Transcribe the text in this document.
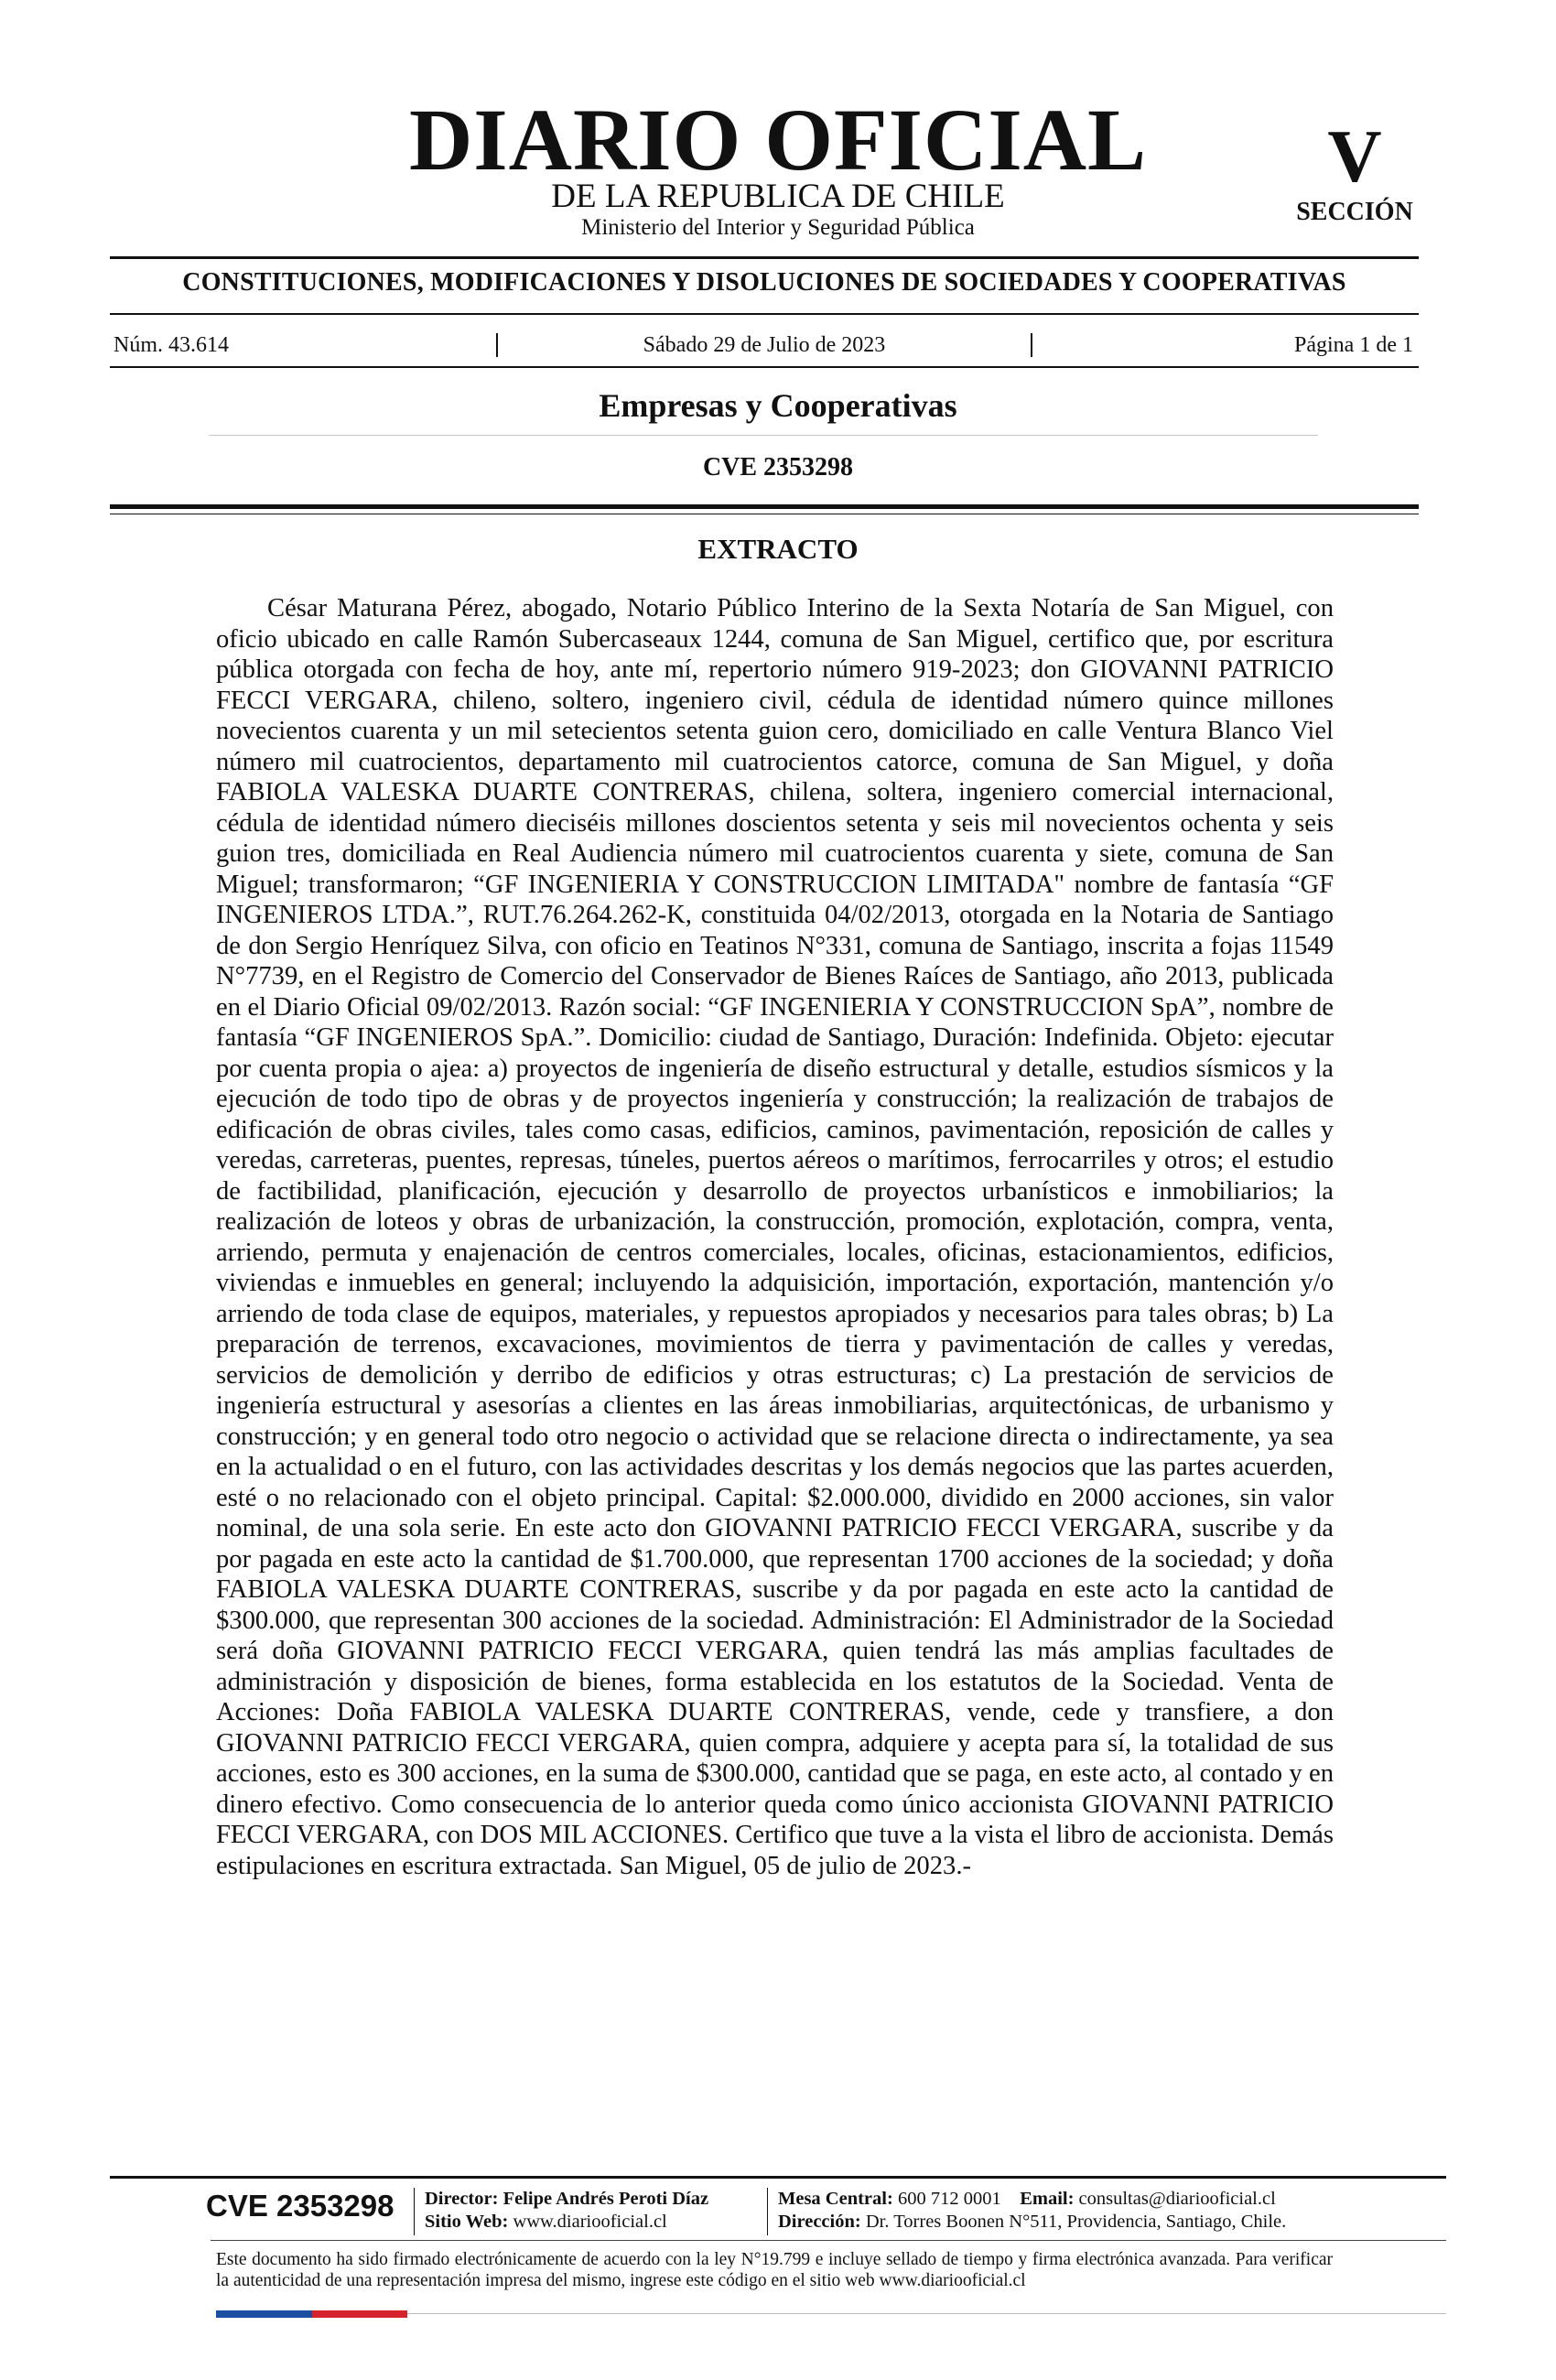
DIARIO OFICIAL
DE LA REPUBLICA DE CHILE
Ministerio del Interior y Seguridad Pública
V
SECCIÓN
CONSTITUCIONES, MODIFICACIONES Y DISOLUCIONES DE SOCIEDADES Y COOPERATIVAS
Núm. 43.614	Sábado 29 de Julio de 2023	Página 1 de 1
Empresas y Cooperativas
CVE 2353298
EXTRACTO

César Maturana Pérez, abogado, Notario Público Interino de la Sexta Notaría de San Miguel, con oficio ubicado en calle Ramón Subercaseaux 1244, comuna de San Miguel, certifico que, por escritura pública otorgada con fecha de hoy, ante mí, repertorio número 919-2023; don GIOVANNI PATRICIO FECCI VERGARA, chileno, soltero, ingeniero civil, cédula de identidad número quince millones novecientos cuarenta y un mil setecientos setenta guion cero, domiciliado en calle Ventura Blanco Viel número mil cuatrocientos, departamento mil cuatrocientos catorce, comuna de San Miguel, y doña FABIOLA VALESKA DUARTE CONTRERAS, chilena, soltera, ingeniero comercial internacional, cédula de identidad número dieciséis millones doscientos setenta y seis mil novecientos ochenta y seis guion tres, domiciliada en Real Audiencia número mil cuatrocientos cuarenta y siete, comuna de San Miguel; transformaron; “GF INGENIERIA Y CONSTRUCCION LIMITADA" nombre de fantasía “GF INGENIEROS LTDA.”, RUT.76.264.262-K, constituida 04/02/2013, otorgada en la Notaria de Santiago de don Sergio Henríquez Silva, con oficio en Teatinos N°331, comuna de Santiago, inscrita a fojas 11549 N°7739, en el Registro de Comercio del Conservador de Bienes Raíces de Santiago, año 2013, publicada en el Diario Oficial 09/02/2013. Razón social: “GF INGENIERIA Y CONSTRUCCION SpA”, nombre de fantasía “GF INGENIEROS SpA.”. Domicilio: ciudad de Santiago, Duración: Indefinida. Objeto: ejecutar por cuenta propia o ajea: a) proyectos de ingeniería de diseño estructural y detalle, estudios sísmicos y la ejecución de todo tipo de obras y de proyectos ingeniería y construcción; la realización de trabajos de edificación de obras civiles, tales como casas, edificios, caminos, pavimentación, reposición de calles y veredas, carreteras, puentes, represas, túneles, puertos aéreos o marítimos, ferrocarriles y otros; el estudio de factibilidad, planificación, ejecución y desarrollo de proyectos urbanísticos e inmobiliarios; la realización de loteos y obras de urbanización, la construcción, promoción, explotación, compra, venta, arriendo, permuta y enajenación de centros comerciales, locales, oficinas, estacionamientos, edificios, viviendas e inmuebles en general; incluyendo la adquisición, importación, exportación, mantención y/o arriendo de toda clase de equipos, materiales, y repuestos apropiados y necesarios para tales obras; b) La preparación de terrenos, excavaciones, movimientos de tierra y pavimentación de calles y veredas, servicios de demolición y derribo de edificios y otras estructuras; c) La prestación de servicios de ingeniería estructural y asesorías a clientes en las áreas inmobiliarias, arquitectónicas, de urbanismo y construcción; y en general todo otro negocio o actividad que se relacione directa o indirectamente, ya sea en la actualidad o en el futuro, con las actividades descritas y los demás negocios que las partes acuerden, esté o no relacionado con el objeto principal. Capital: $2.000.000, dividido en 2000 acciones, sin valor nominal, de una sola serie. En este acto don GIOVANNI PATRICIO FECCI VERGARA, suscribe y da por pagada en este acto la cantidad de $1.700.000, que representan 1700 acciones de la sociedad; y doña FABIOLA VALESKA DUARTE CONTRERAS, suscribe y da por pagada en este acto la cantidad de $300.000, que representan 300 acciones de la sociedad. Administración: El Administrador de la Sociedad será doña GIOVANNI PATRICIO FECCI VERGARA, quien tendrá las más amplias facultades de administración y disposición de bienes, forma establecida en los estatutos de la Sociedad. Venta de Acciones: Doña FABIOLA VALESKA DUARTE CONTRERAS, vende, cede y transfiere, a don GIOVANNI PATRICIO FECCI VERGARA, quien compra, adquiere y acepta para sí, la totalidad de sus acciones, esto es 300 acciones, en la suma de $300.000, cantidad que se paga, en este acto, al contado y en dinero efectivo. Como consecuencia de lo anterior queda como único accionista GIOVANNI PATRICIO FECCI VERGARA, con DOS MIL ACCIONES. Certifico que tuve a la vista el libro de accionista. Demás estipulaciones en escritura extractada. San Miguel, 05 de julio de 2023.-

CVE 2353298 Director: Felipe Andrés Peroti Díaz
Sitio Web: www.diariooficial.cl
Mesa Central: 600 712 0001 Email: consultas@diariooficial.cl
Dirección: Dr. Torres Boonen N°511, Providencia, Santiago, Chile.
Este documento ha sido firmado electrónicamente de acuerdo con la ley N°19.799 e incluye sellado de tiempo y firma electrónica avanzada. Para verificar la autenticidad de una representación impresa del mismo, ingrese este código en el sitio web www.diariooficial.cl
